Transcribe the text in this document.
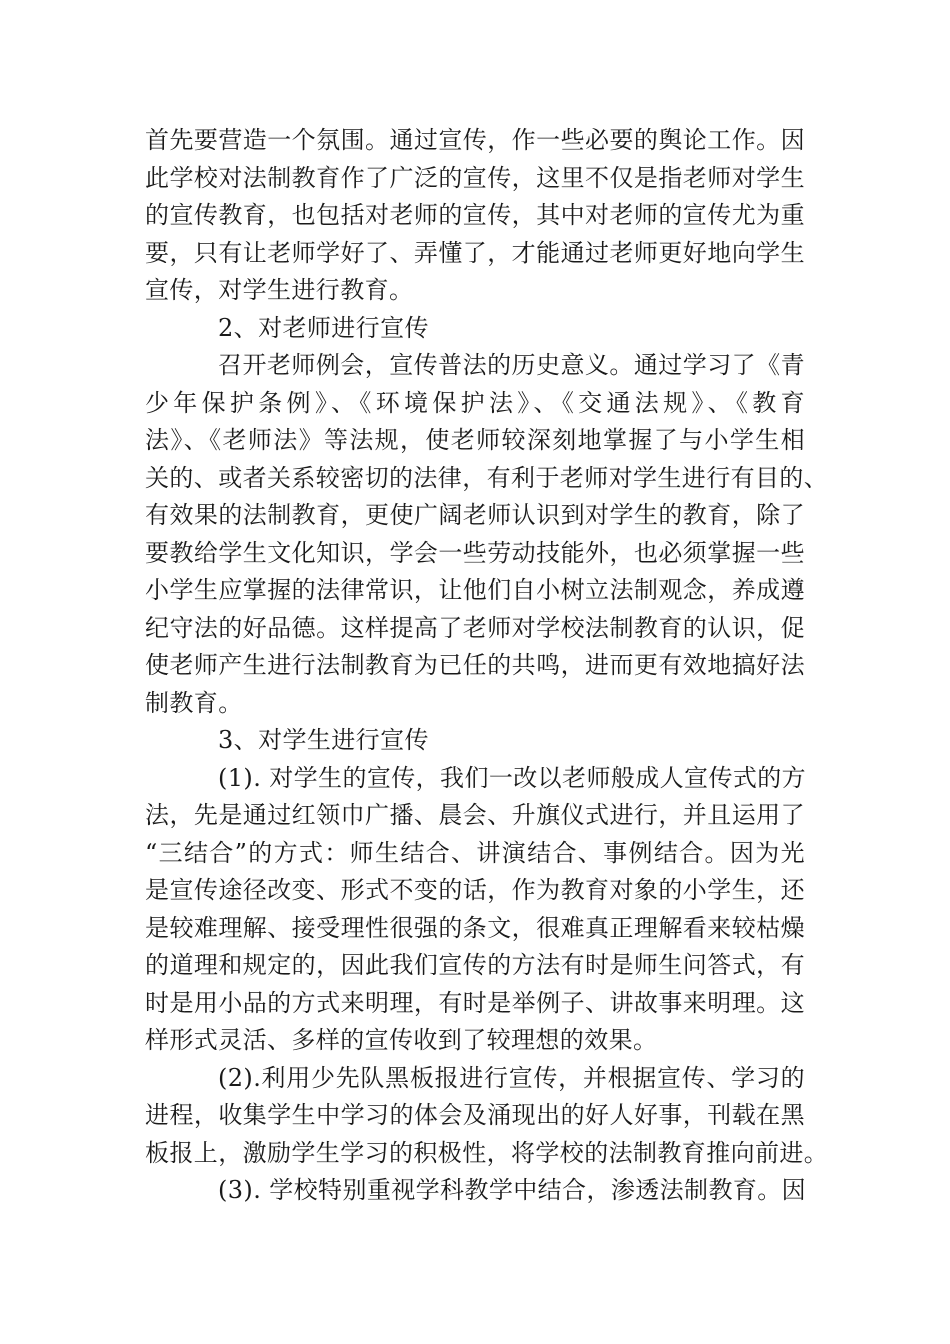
首先要营造一个氛围。通过宣传，作一些必要的舆论工作。因
此学校对法制教育作了广泛的宣传，这里不仅是指老师对学生
的宣传教育，也包括对老师的宣传，其中对老师的宣传尤为重
要，只有让老师学好了、弄懂了，才能通过老师更好地向学生
宣传，对学生进行教育。
2、对老师进行宣传
召开老师例会，宣传普法的历史意义。通过学习了《青
少年保护条例》、《环境保护法》、《交通法规》、《教育
法》、《老师法》等法规，使老师较深刻地掌握了与小学生相
关的、或者关系较密切的法律，有利于老师对学生进行有目的、
有效果的法制教育，更使广阔老师认识到对学生的教育，除了
要教给学生文化知识，学会一些劳动技能外，也必须掌握一些
小学生应掌握的法律常识，让他们自小树立法制观念，养成遵
纪守法的好品德。这样提高了老师对学校法制教育的认识，促
使老师产生进行法制教育为已任的共鸣，进而更有效地搞好法
制教育。
3、对学生进行宣传
(1). 对学生的宣传，我们一改以老师般成人宣传式的方
法，先是通过红领巾广播、晨会、升旗仪式进行，并且运用了
“三结合”的方式：师生结合、讲演结合、事例结合。因为光
是宣传途径改变、形式不变的话，作为教育对象的小学生，还
是较难理解、接受理性很强的条文，很难真正理解看来较枯燥
的道理和规定的，因此我们宣传的方法有时是师生问答式，有
时是用小品的方式来明理，有时是举例子、讲故事来明理。这
样形式灵活、多样的宣传收到了较理想的效果。
(2).利用少先队黑板报进行宣传，并根据宣传、学习的
进程，收集学生中学习的体会及涌现出的好人好事，刊载在黑
板报上，激励学生学习的积极性，将学校的法制教育推向前进。
(3). 学校特别重视学科教学中结合，渗透法制教育。因
